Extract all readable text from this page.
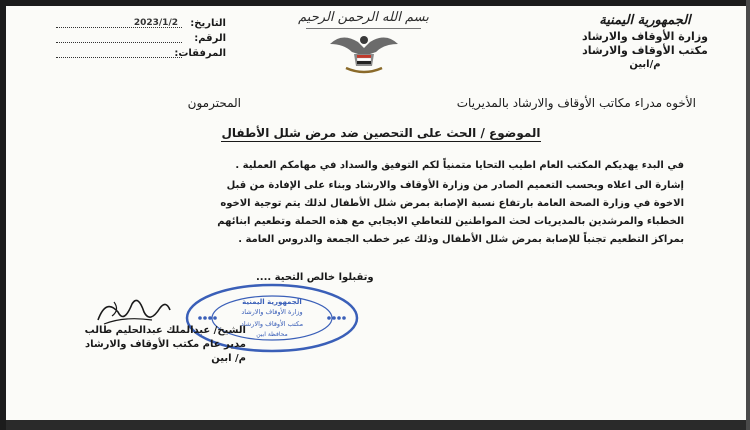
الجمهورية اليمنية
وزارة الأوقاف والارشاد
مكتب الأوقاف والارشاد
م/ابين
بسم الله الرحمن الرحيم
التاريخ:
2023/1/2
الرقم:
المرفقات:
الأخوه مدراء مكاتب الأوقاف والارشاد بالمديريات
المحترمون
الموضوع / الحث على التحصين ضد مرض شلل الأطفال
في البدء يهديكم المكتب العام اطيب التحايا متمنياً لكم التوفيق والسداد في مهامكم العملية .
إشارة الى اعلاه وبحسب التعميم الصادر من وزارة الأوقاف والارشاد وبناء على الإفادة من قبل
الاخوة في وزارة الصحة العامة بارتفاع نسبة الإصابة بمرض شلل الأطفال لذلك يتم توجية الاخوه
الخطباء والمرشدين بالمديريات لحث المواطنين للتعاطي الايجابي مع هذه الحملة وتطعيم ابنائهم
بمراكز التطعيم تجنباً للإصابة بمرض شلل الأطفال وذلك عبر خطب الجمعة والدروس العامة .
وتقبلوا خالص التحية ....
الجمهورية اليمنية
وزارة الأوقاف والارشاد
مكتب الأوقاف والارشاد
محافظة ابين
الشيخ/ عبدالملك عبدالحليم طالب
مدير عام مكتب الأوقاف والارشاد
م/ ابين
